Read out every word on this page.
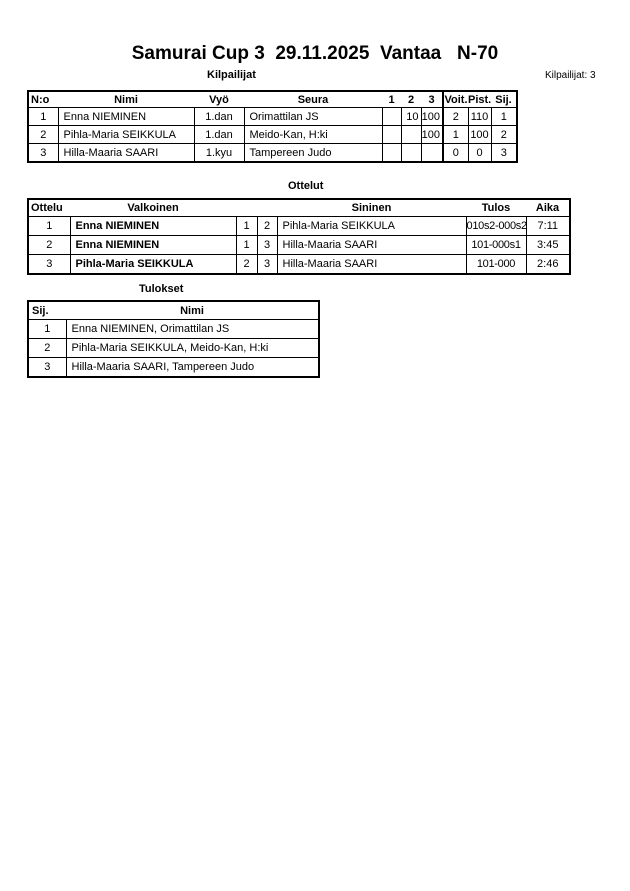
Samurai Cup 3  29.11.2025  Vantaa   N-70
Kilpailijat	Kilpailijat: 3
N:o	Nimi	Vyö	Seura	1	2	3	Voit.	Pist.	Sij.
1	Enna NIEMINEN	1.dan	Orimattilan JS		10	100	2	110	1
2	Pihla-Maria SEIKKULA	1.dan	Meido-Kan, H:ki			100	1	100	2
3	Hilla-Maaria SAARI	1.kyu	Tampereen Judo				0	0	3
Ottelut
Ottelu	Valkoinen			Sininen	Tulos	Aika
1	Enna NIEMINEN	1	2	Pihla-Maria SEIKKULA	010s2-000s2	7:11
2	Enna NIEMINEN	1	3	Hilla-Maaria SAARI	101-000s1	3:45
3	Pihla-Maria SEIKKULA	2	3	Hilla-Maaria SAARI	101-000	2:46
Tulokset
Sij.	Nimi
1	Enna NIEMINEN, Orimattilan JS
2	Pihla-Maria SEIKKULA, Meido-Kan, H:ki
3	Hilla-Maaria SAARI, Tampereen Judo
